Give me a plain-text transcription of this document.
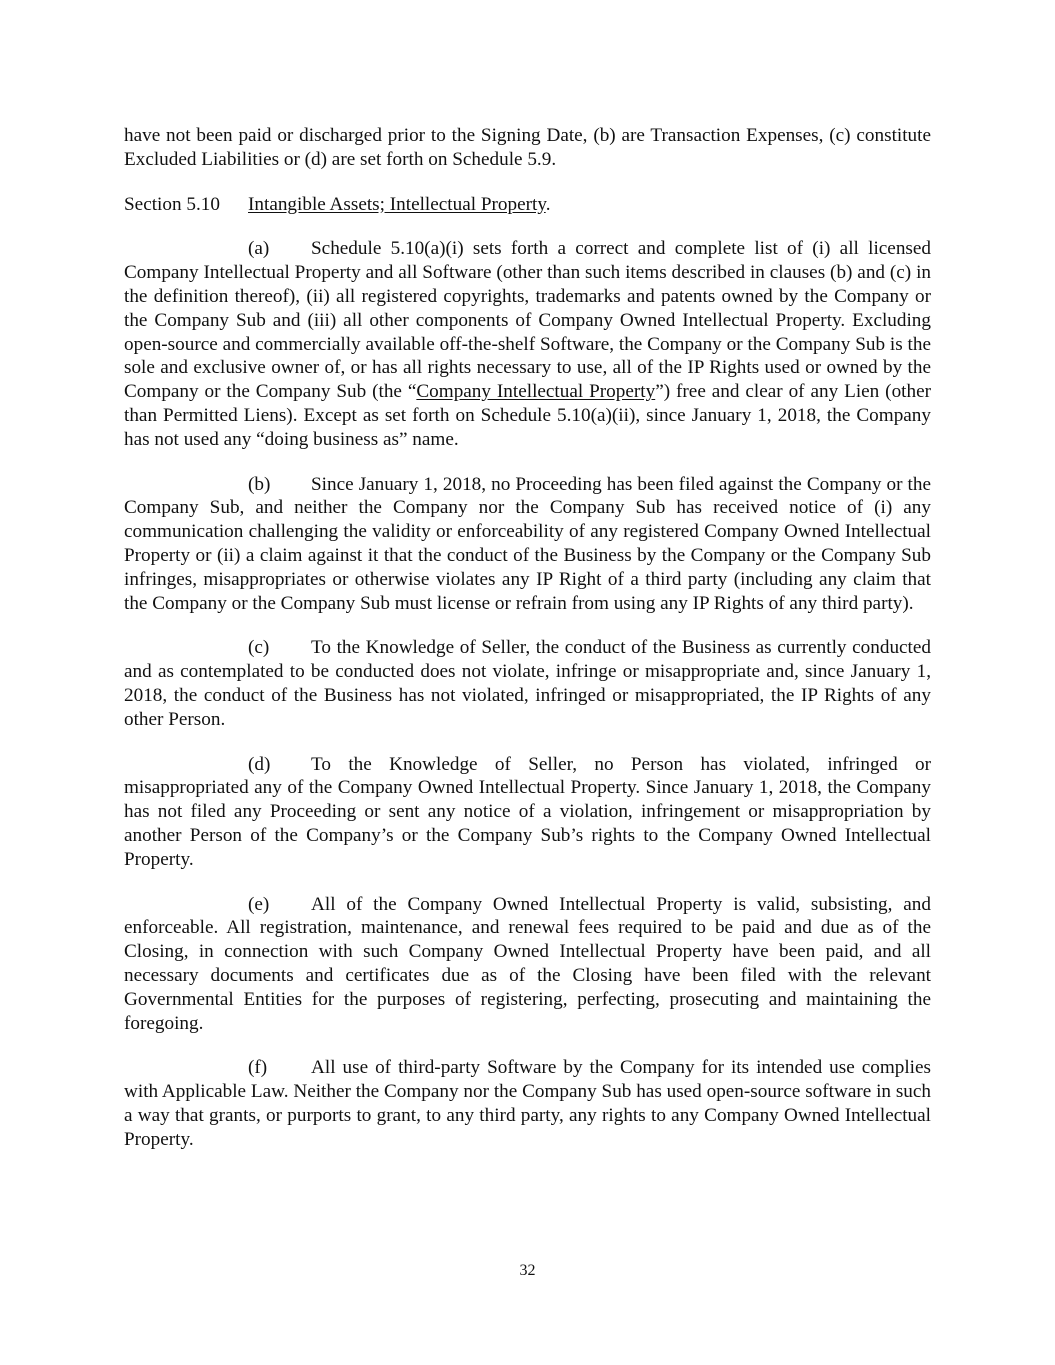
have not been paid or discharged prior to the Signing Date, (b) are Transaction Expenses, (c) constitute Excluded Liabilities or (d) are set forth on Schedule 5.9.

Section 5.10 Intangible Assets; Intellectual Property.

(a) Schedule 5.10(a)(i) sets forth a correct and complete list of (i) all licensed Company Intellectual Property and all Software (other than such items described in clauses (b) and (c) in the definition thereof), (ii) all registered copyrights, trademarks and patents owned by the Company or the Company Sub and (iii) all other components of Company Owned Intellectual Property. Excluding open-source and commercially available off-the-shelf Software, the Company or the Company Sub is the sole and exclusive owner of, or has all rights necessary to use, all of the IP Rights used or owned by the Company or the Company Sub (the “Company Intellectual Property”) free and clear of any Lien (other than Permitted Liens). Except as set forth on Schedule 5.10(a)(ii), since January 1, 2018, the Company has not used any “doing business as” name.

(b) Since January 1, 2018, no Proceeding has been filed against the Company or the Company Sub, and neither the Company nor the Company Sub has received notice of (i) any communication challenging the validity or enforceability of any registered Company Owned Intellectual Property or (ii) a claim against it that the conduct of the Business by the Company or the Company Sub infringes, misappropriates or otherwise violates any IP Right of a third party (including any claim that the Company or the Company Sub must license or refrain from using any IP Rights of any third party).

(c) To the Knowledge of Seller, the conduct of the Business as currently conducted and as contemplated to be conducted does not violate, infringe or misappropriate and, since January 1, 2018, the conduct of the Business has not violated, infringed or misappropriated, the IP Rights of any other Person.

(d) To the Knowledge of Seller, no Person has violated, infringed or misappropriated any of the Company Owned Intellectual Property. Since January 1, 2018, the Company has not filed any Proceeding or sent any notice of a violation, infringement or misappropriation by another Person of the Company’s or the Company Sub’s rights to the Company Owned Intellectual Property.

(e) All of the Company Owned Intellectual Property is valid, subsisting, and enforceable. All registration, maintenance, and renewal fees required to be paid and due as of the Closing, in connection with such Company Owned Intellectual Property have been paid, and all necessary documents and certificates due as of the Closing have been filed with the relevant Governmental Entities for the purposes of registering, perfecting, prosecuting and maintaining the foregoing.

(f) All use of third-party Software by the Company for its intended use complies with Applicable Law. Neither the Company nor the Company Sub has used open-source software in such a way that grants, or purports to grant, to any third party, any rights to any Company Owned Intellectual Property.

32
